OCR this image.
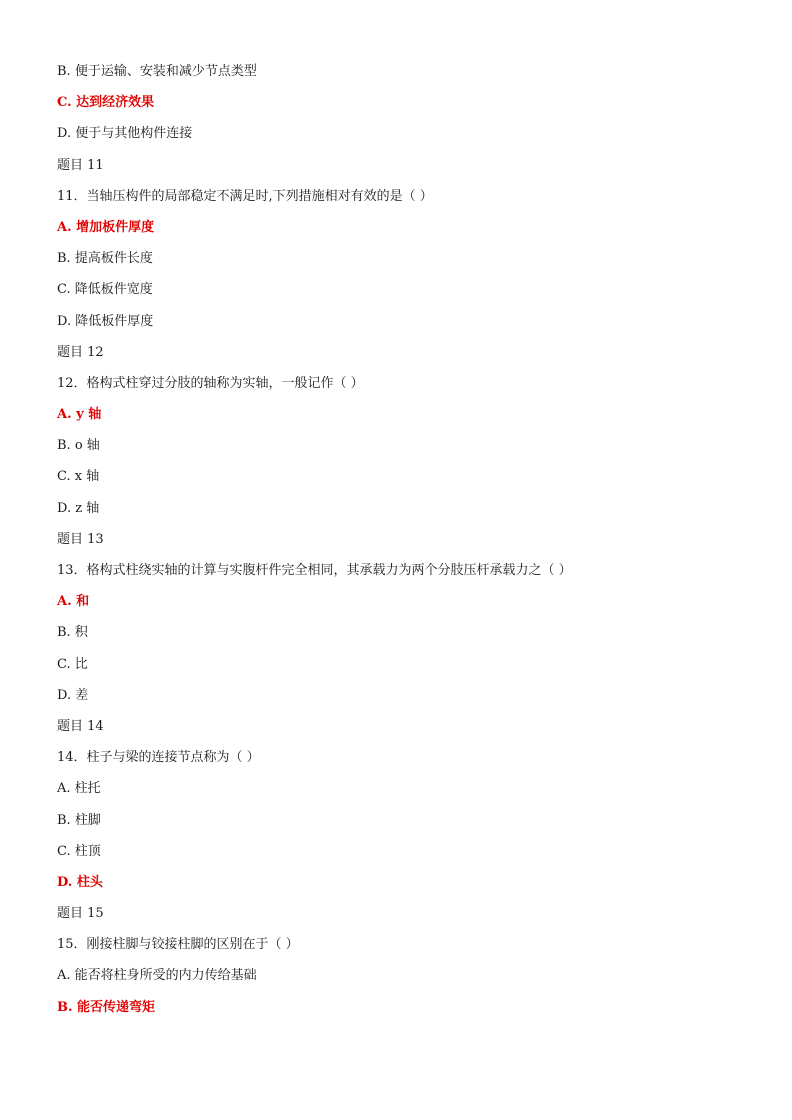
B. 便于运输、安装和减少节点类型
C. 达到经济效果
D. 便于与其他构件连接
题目 11
11．当轴压构件的局部稳定不满足时,下列措施相对有效的是（ ）
A. 增加板件厚度
B. 提高板件长度
C. 降低板件宽度
D. 降低板件厚度
题目 12
12．格构式柱穿过分肢的轴称为实轴，一般记作（ ）
A. y 轴
B. o 轴
C. x 轴
D. z 轴
题目 13
13．格构式柱绕实轴的计算与实腹杆件完全相同，其承载力为两个分肢压杆承载力之（ ）
A. 和
B. 积
C. 比
D. 差
题目 14
14．柱子与梁的连接节点称为（ ）
A. 柱托
B. 柱脚
C. 柱顶
D. 柱头
题目 15
15．刚接柱脚与铰接柱脚的区别在于（ ）
A. 能否将柱身所受的内力传给基础
B. 能否传递弯矩
